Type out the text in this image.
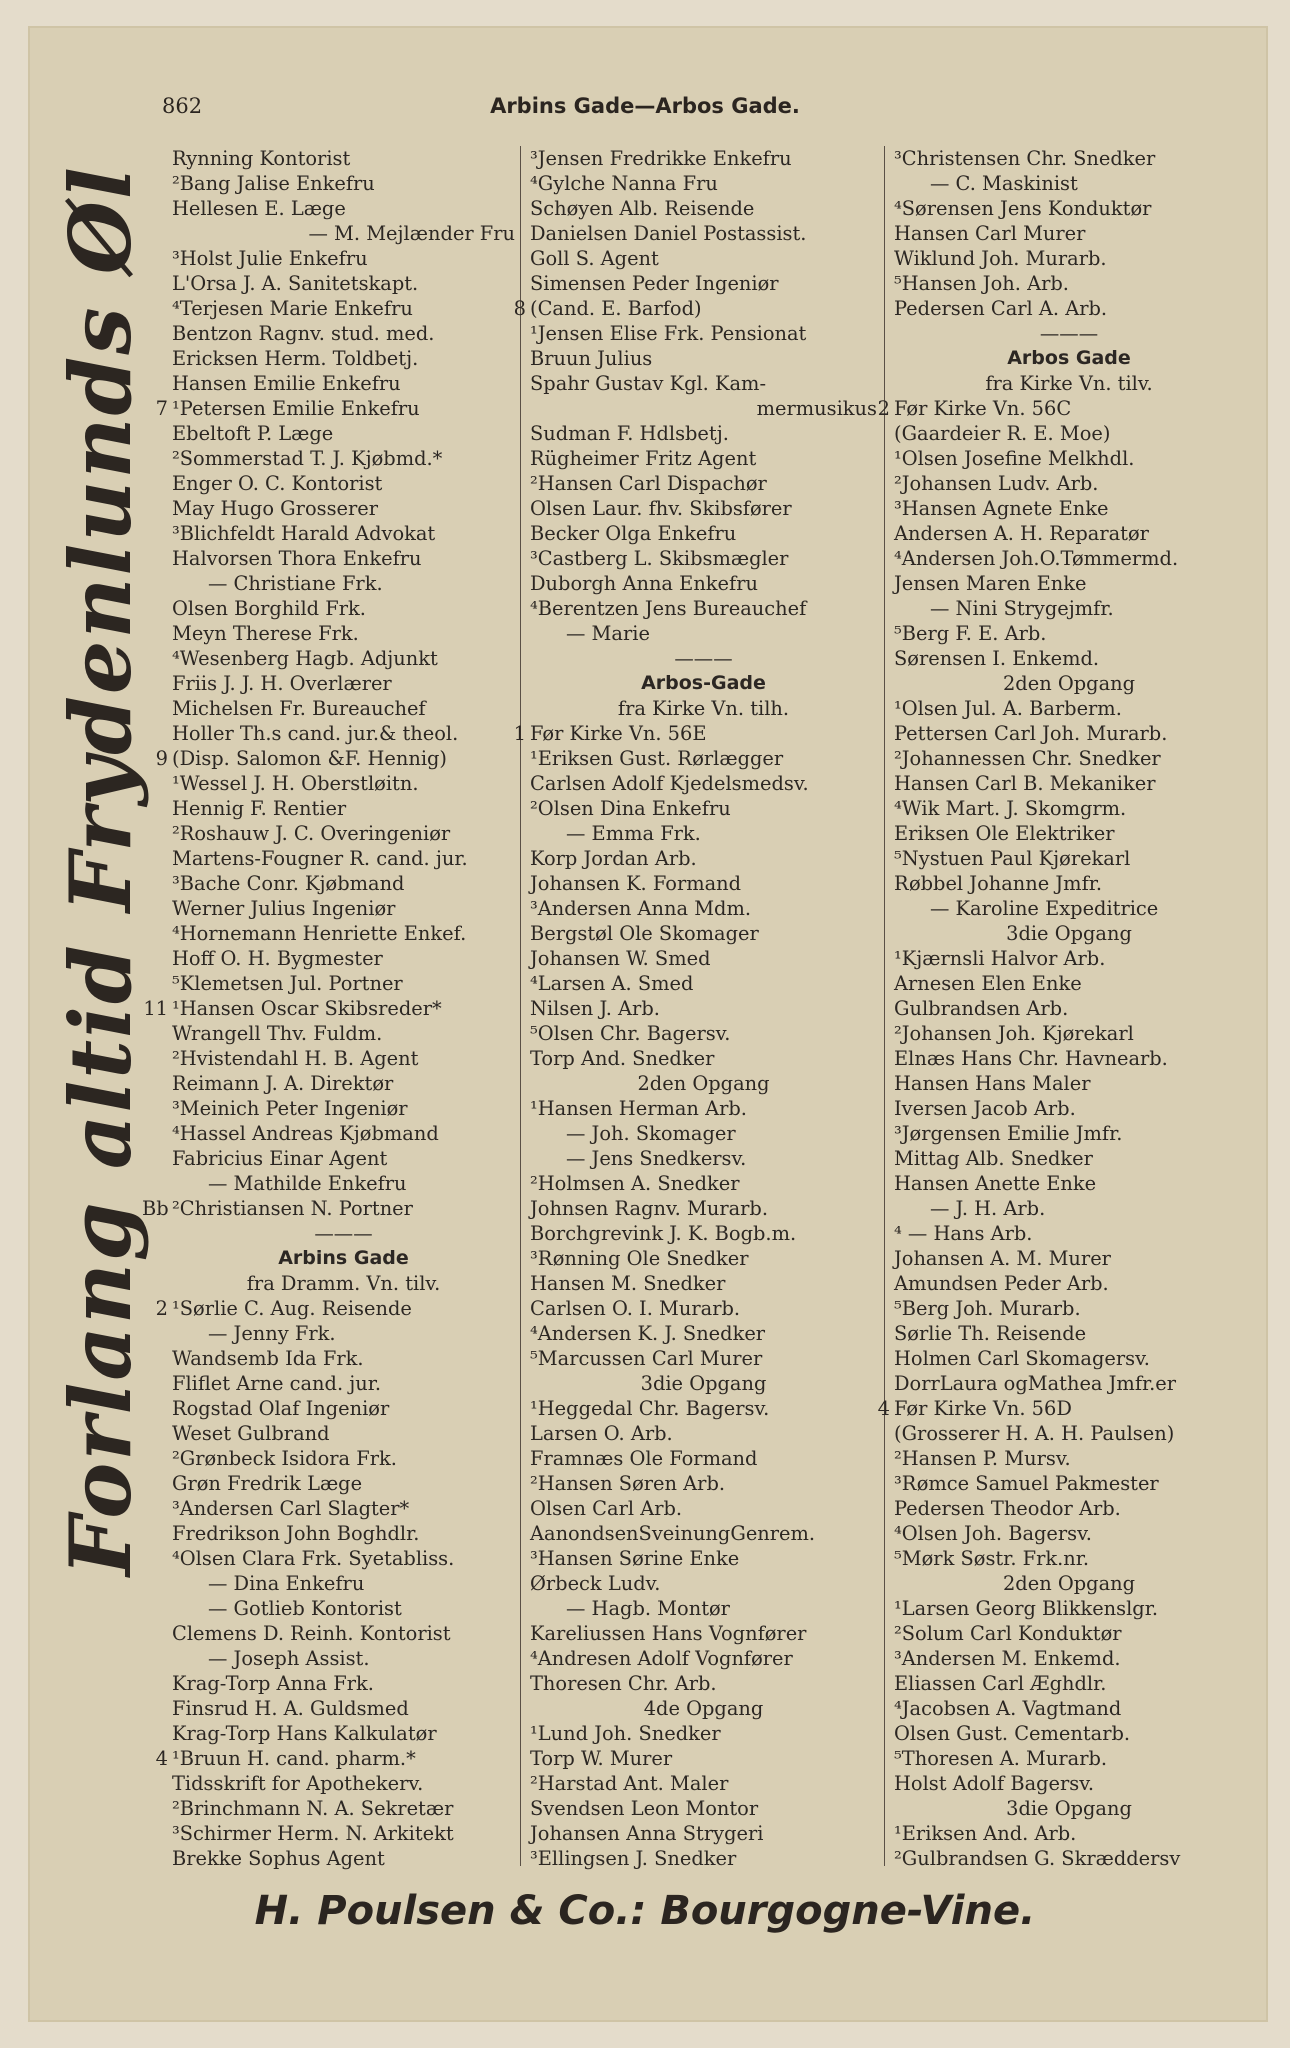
862	Arbins Gade—Arbos Gade.
Forlang altid Frydenlunds Øl
Rynning Kontorist
²Bang Jalise Enkefru
Hellesen E. Læge
— M. Mejlænder Fru
³Holst Julie Enkefru
L'Orsa J. A. Sanitetskapt.
⁴Terjesen Marie Enkefru
Bentzon Ragnv. stud. med.
Ericksen Herm. Toldbetj.
Hansen Emilie Enkefru
7 ¹Petersen Emilie Enkefru
Ebeltoft P. Læge
²Sommerstad T. J. Kjøbmd.*
Enger O. C. Kontorist
May Hugo Grosserer
³Blichfeldt Harald Advokat
Halvorsen Thora Enkefru
— Christiane Frk.
Olsen Borghild Frk.
Meyn Therese Frk.
⁴Wesenberg Hagb. Adjunkt
Friis J. J. H. Overlærer
Michelsen Fr. Bureauchef
Holler Th.s cand. jur.& theol.
9 (Disp. Salomon &F. Hennig)
¹Wessel J. H. Oberstløitn.
Hennig F. Rentier
²Roshauw J. C. Overingeniør
Martens-Fougner R. cand. jur.
³Bache Conr. Kjøbmand
Werner Julius Ingeniør
⁴Hornemann Henriette Enkef.
Hoff O. H. Bygmester
⁵Klemetsen Jul. Portner
11 ¹Hansen Oscar Skibsreder*
Wrangell Thv. Fuldm.
²Hvistendahl H. B. Agent
Reimann J. A. Direktør
³Meinich Peter Ingeniør
⁴Hassel Andreas Kjøbmand
Fabricius Einar Agent
— Mathilde Enkefru
Bb ²Christiansen N. Portner
———
Arbins Gade
fra Dramm. Vn. tilv.
2 ¹Sørlie C. Aug. Reisende
— Jenny Frk.
Wandsemb Ida Frk.
Fliflet Arne cand. jur.
Rogstad Olaf Ingeniør
Weset Gulbrand
²Grønbeck Isidora Frk.
Grøn Fredrik Læge
³Andersen Carl Slagter*
Fredrikson John Boghdlr.
⁴Olsen Clara Frk. Syetabliss.
— Dina Enkefru
— Gotlieb Kontorist
Clemens D. Reinh. Kontorist
— Joseph Assist.
Krag-Torp Anna Frk.
Finsrud H. A. Guldsmed
Krag-Torp Hans Kalkulatør
4 ¹Bruun H. cand. pharm.*
Tidsskrift for Apothekerv.
²Brinchmann N. A. Sekretær
³Schirmer Herm. N. Arkitekt
Brekke Sophus Agent
³Jensen Fredrikke Enkefru
⁴Gylche Nanna Fru
Schøyen Alb. Reisende
Danielsen Daniel Postassist.
Goll S. Agent
Simensen Peder Ingeniør
8 (Cand. E. Barfod)
¹Jensen Elise Frk. Pensionat
Bruun Julius
Spahr Gustav Kgl. Kam-
mermusikus
Sudman F. Hdlsbetj.
Rügheimer Fritz Agent
²Hansen Carl Dispachør
Olsen Laur. fhv. Skibsfører
Becker Olga Enkefru
³Castberg L. Skibsmægler
Duborgh Anna Enkefru
⁴Berentzen Jens Bureauchef
— Marie
———
Arbos-Gade
fra Kirke Vn. tilh.
1 Før Kirke Vn. 56E
¹Eriksen Gust. Rørlægger
Carlsen Adolf Kjedelsmedsv.
²Olsen Dina Enkefru
— Emma Frk.
Korp Jordan Arb.
Johansen K. Formand
³Andersen Anna Mdm.
Bergstøl Ole Skomager
Johansen W. Smed
⁴Larsen A. Smed
Nilsen J. Arb.
⁵Olsen Chr. Bagersv.
Torp And. Snedker
2den Opgang
¹Hansen Herman Arb.
— Joh. Skomager
— Jens Snedkersv.
²Holmsen A. Snedker
Johnsen Ragnv. Murarb.
Borchgrevink J. K. Bogb.m.
³Rønning Ole Snedker
Hansen M. Snedker
Carlsen O. I. Murarb.
⁴Andersen K. J. Snedker
⁵Marcussen Carl Murer
3die Opgang
¹Heggedal Chr. Bagersv.
Larsen O. Arb.
Framnæs Ole Formand
²Hansen Søren Arb.
Olsen Carl Arb.
AanondsenSveinungGenrem.
³Hansen Sørine Enke
Ørbeck Ludv.
— Hagb. Montør
Kareliussen Hans Vognfører
⁴Andresen Adolf Vognfører
Thoresen Chr. Arb.
4de Opgang
¹Lund Joh. Snedker
Torp W. Murer
²Harstad Ant. Maler
Svendsen Leon Montor
Johansen Anna Strygeri
³Ellingsen J. Snedker
³Christensen Chr. Snedker
— C. Maskinist
⁴Sørensen Jens Konduktør
Hansen Carl Murer
Wiklund Joh. Murarb.
⁵Hansen Joh. Arb.
Pedersen Carl A. Arb.
———
Arbos Gade
fra Kirke Vn. tilv.
2 Før Kirke Vn. 56C
(Gaardeier R. E. Moe)
¹Olsen Josefine Melkhdl.
²Johansen Ludv. Arb.
³Hansen Agnete Enke
Andersen A. H. Reparatør
⁴Andersen Joh.O.Tømmermd.
Jensen Maren Enke
— Nini Strygejmfr.
⁵Berg F. E. Arb.
Sørensen I. Enkemd.
2den Opgang
¹Olsen Jul. A. Barberm.
Pettersen Carl Joh. Murarb.
²Johannessen Chr. Snedker
Hansen Carl B. Mekaniker
⁴Wik Mart. J. Skomgrm.
Eriksen Ole Elektriker
⁵Nystuen Paul Kjørekarl
Røbbel Johanne Jmfr.
— Karoline Expeditrice
3die Opgang
¹Kjærnsli Halvor Arb.
Arnesen Elen Enke
Gulbrandsen Arb.
²Johansen Joh. Kjørekarl
Elnæs Hans Chr. Havnearb.
Hansen Hans Maler
Iversen Jacob Arb.
³Jørgensen Emilie Jmfr.
Mittag Alb. Snedker
Hansen Anette Enke
— J. H. Arb.
⁴ — Hans Arb.
Johansen A. M. Murer
Amundsen Peder Arb.
⁵Berg Joh. Murarb.
Sørlie Th. Reisende
Holmen Carl Skomagersv.
DorrLaura ogMathea Jmfr.er
4 Før Kirke Vn. 56D
(Grosserer H. A. H. Paulsen)
²Hansen P. Mursv.
³Rømce Samuel Pakmester
Pedersen Theodor Arb.
⁴Olsen Joh. Bagersv.
⁵Mørk Søstr. Frk.nr.
2den Opgang
¹Larsen Georg Blikkenslgr.
²Solum Carl Konduktør
³Andersen M. Enkemd.
Eliassen Carl Æghdlr.
⁴Jacobsen A. Vagtmand
Olsen Gust. Cementarb.
⁵Thoresen A. Murarb.
Holst Adolf Bagersv.
3die Opgang
¹Eriksen And. Arb.
²Gulbrandsen G. Skræddersv
H. Poulsen & Co.: Bourgogne-Vine.
